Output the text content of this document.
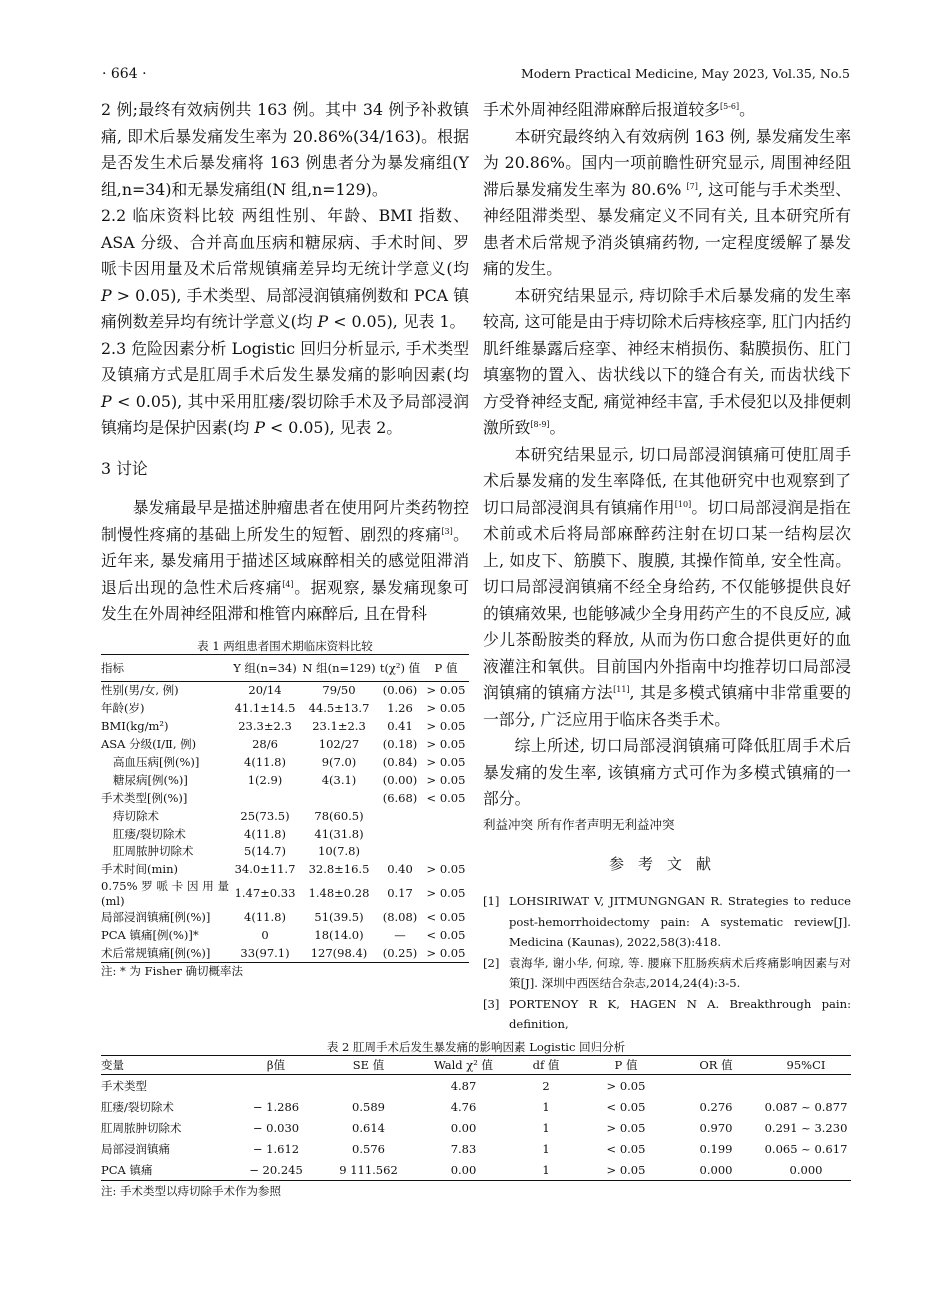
· 664 ·	Modern Practical Medicine, May 2023, Vol.35, No.5

2 例;最终有效病例共 163 例。其中 34 例予补救镇痛, 即术后暴发痛发生率为 20.86%(34/163)。根据是否发生术后暴发痛将 163 例患者分为暴发痛组(Y 组,n=34)和无暴发痛组(N 组,n=129)。

2.2 临床资料比较 两组性别、年龄、BMI 指数、ASA 分级、合并高血压病和糖尿病、手术时间、罗哌卡因用量及术后常规镇痛差异均无统计学意义(均 P > 0.05), 手术类型、局部浸润镇痛例数和 PCA 镇痛例数差异均有统计学意义(均 P < 0.05), 见表 1。

2.3 危险因素分析 Logistic 回归分析显示, 手术类型及镇痛方式是肛周手术后发生暴发痛的影响因素(均 P < 0.05), 其中采用肛瘘/裂切除手术及予局部浸润镇痛均是保护因素(均 P < 0.05), 见表 2。

3 讨论

暴发痛最早是描述肿瘤患者在使用阿片类药物控制慢性疼痛的基础上所发生的短暂、剧烈的疼痛[3]。近年来, 暴发痛用于描述区域麻醉相关的感觉阻滞消退后出现的急性术后疼痛[4]。据观察, 暴发痛现象可发生在外周神经阻滞和椎管内麻醉后, 且在骨科

表 1 两组患者围术期临床资料比较
指标	Y 组(n=34)	N 组(n=129)	t(χ²) 值	P 值
性别(男/女, 例)	20/14	79/50	(0.06)	> 0.05
年龄(岁)	41.1±14.5	44.5±13.7	1.26	> 0.05
BMI(kg/m²)	23.3±2.3	23.1±2.3	0.41	> 0.05
ASA 分级(Ⅰ/Ⅱ, 例)	28/6	102/27	(0.18)	> 0.05
高血压病[例(%)]	4(11.8)	9(7.0)	(0.84)	> 0.05
糖尿病[例(%)]	1(2.9)	4(3.1)	(0.00)	> 0.05
手术类型[例(%)]			(6.68)	< 0.05
痔切除术	25(73.5)	78(60.5)		
肛瘘/裂切除术	4(11.8)	41(31.8)		
肛周脓肿切除术	5(14.7)	10(7.8)		
手术时间(min)	34.0±11.7	32.8±16.5	0.40	> 0.05
0.75%罗哌卡因用量(ml)	1.47±0.33	1.48±0.28	0.17	> 0.05
局部浸润镇痛[例(%)]	4(11.8)	51(39.5)	(8.08)	< 0.05
PCA 镇痛[例(%)]*	0	18(14.0)	—	< 0.05
术后常规镇痛[例(%)]	33(97.1)	127(98.4)	(0.25)	> 0.05
注: * 为 Fisher 确切概率法

手术外周神经阻滞麻醉后报道较多[5-6]。

本研究最终纳入有效病例 163 例, 暴发痛发生率为 20.86%。国内一项前瞻性研究显示, 周围神经阻滞后暴发痛发生率为 80.6% [7], 这可能与手术类型、神经阻滞类型、暴发痛定义不同有关, 且本研究所有患者术后常规予消炎镇痛药物, 一定程度缓解了暴发痛的发生。

本研究结果显示, 痔切除手术后暴发痛的发生率较高, 这可能是由于痔切除术后痔核痉挛, 肛门内括约肌纤维暴露后痉挛、神经末梢损伤、黏膜损伤、肛门填塞物的置入、齿状线以下的缝合有关, 而齿状线下方受脊神经支配, 痛觉神经丰富, 手术侵犯以及排便刺激所致[8-9]。

本研究结果显示, 切口局部浸润镇痛可使肛周手术后暴发痛的发生率降低, 在其他研究中也观察到了切口局部浸润具有镇痛作用[10]。切口局部浸润是指在术前或术后将局部麻醉药注射在切口某一结构层次上, 如皮下、筋膜下、腹膜, 其操作简单, 安全性高。切口局部浸润镇痛不经全身给药, 不仅能够提供良好的镇痛效果, 也能够减少全身用药产生的不良反应, 减少儿茶酚胺类的释放, 从而为伤口愈合提供更好的血液灌注和氧供。目前国内外指南中均推荐切口局部浸润镇痛的镇痛方法[11], 其是多模式镇痛中非常重要的一部分, 广泛应用于临床各类手术。

综上所述, 切口局部浸润镇痛可降低肛周手术后暴发痛的发生率, 该镇痛方式可作为多模式镇痛的一部分。

利益冲突 所有作者声明无利益冲突

参考文献

[1] LOHSIRIWAT V, JITMUNGNGAN R. Strategies to reduce post-hemorrhoidectomy pain: A systematic review[J]. Medicina (Kaunas), 2022,58(3):418.
[2] 袁海华, 谢小华, 何琼, 等. 腰麻下肛肠疾病术后疼痛影响因素与对策[J]. 深圳中西医结合杂志,2014,24(4):3-5.
[3] PORTENOY R K, HAGEN N A. Breakthrough pain: definition,
表 2 肛周手术后发生暴发痛的影响因素 Logistic 回归分析
变量	β值	SE 值	Wald χ² 值	df 值	P 值	OR 值	95%CI
手术类型			4.87	2	> 0.05		
肛瘘/裂切除术	− 1.286	0.589	4.76	1	< 0.05	0.276	0.087 ~ 0.877
肛周脓肿切除术	− 0.030	0.614	0.00	1	> 0.05	0.970	0.291 ~ 3.230
局部浸润镇痛	− 1.612	0.576	7.83	1	< 0.05	0.199	0.065 ~ 0.617
PCA 镇痛	− 20.245	9 111.562	0.00	1	> 0.05	0.000	0.000
注: 手术类型以痔切除手术作为参照
